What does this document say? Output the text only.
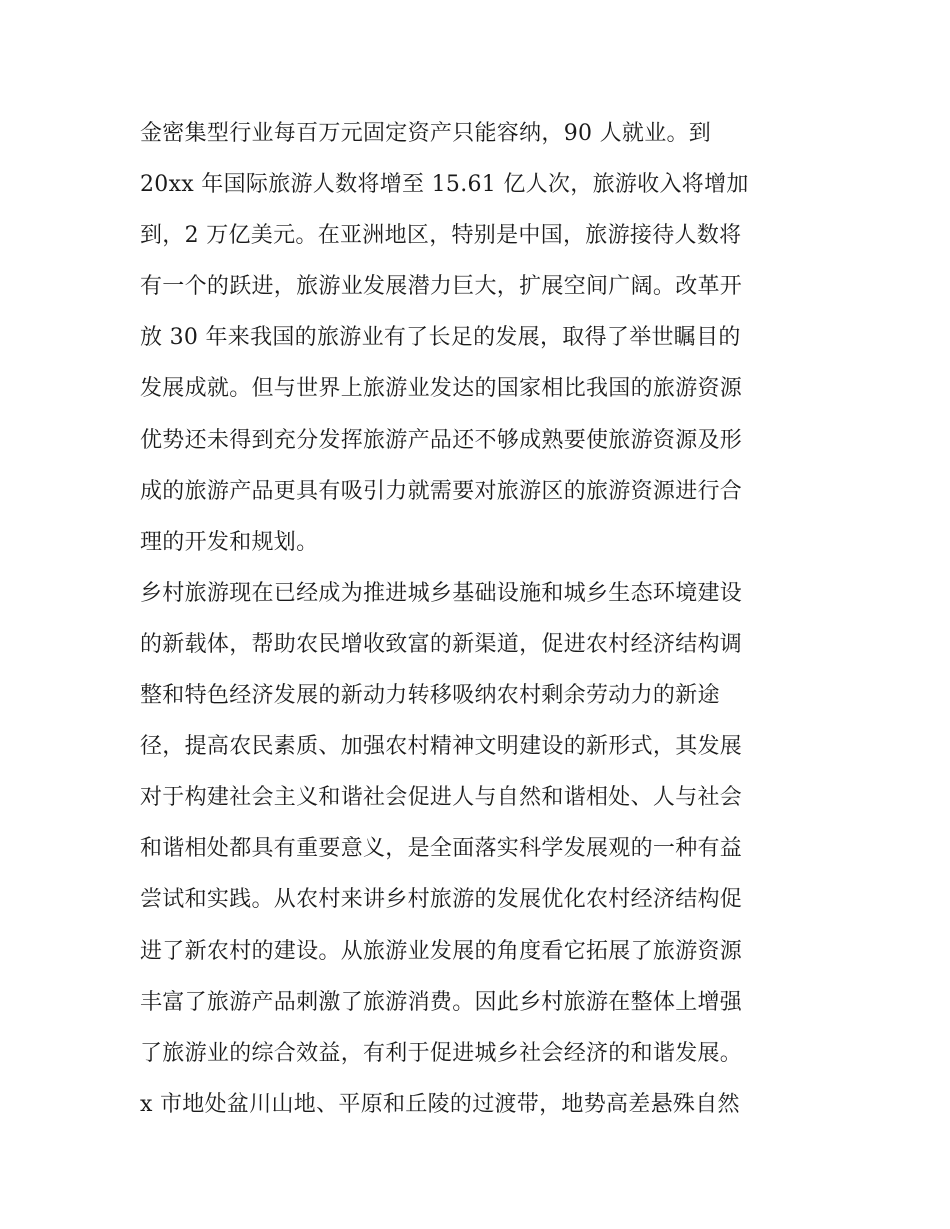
金密集型行业每百万元固定资产只能容纳，90 人就业。到
20xx 年国际旅游人数将增至 15.61 亿人次，旅游收入将增加
到，2 万亿美元。在亚洲地区，特别是中国，旅游接待人数将
有一个的跃进，旅游业发展潜力巨大，扩展空间广阔。改革开
放 30 年来我国的旅游业有了长足的发展，取得了举世瞩目的
发展成就。但与世界上旅游业发达的国家相比我国的旅游资源
优势还未得到充分发挥旅游产品还不够成熟要使旅游资源及形
成的旅游产品更具有吸引力就需要对旅游区的旅游资源进行合
理的开发和规划。
乡村旅游现在已经成为推进城乡基础设施和城乡生态环境建设
的新载体，帮助农民增收致富的新渠道，促进农村经济结构调
整和特色经济发展的新动力转移吸纳农村剩余劳动力的新途
径，提高农民素质、加强农村精神文明建设的新形式，其发展
对于构建社会主义和谐社会促进人与自然和谐相处、人与社会
和谐相处都具有重要意义，是全面落实科学发展观的一种有益
尝试和实践。从农村来讲乡村旅游的发展优化农村经济结构促
进了新农村的建设。从旅游业发展的角度看它拓展了旅游资源
丰富了旅游产品刺激了旅游消费。因此乡村旅游在整体上增强
了旅游业的综合效益，有利于促进城乡社会经济的和谐发展。
x 市地处盆川山地、平原和丘陵的过渡带，地势高差悬殊自然
